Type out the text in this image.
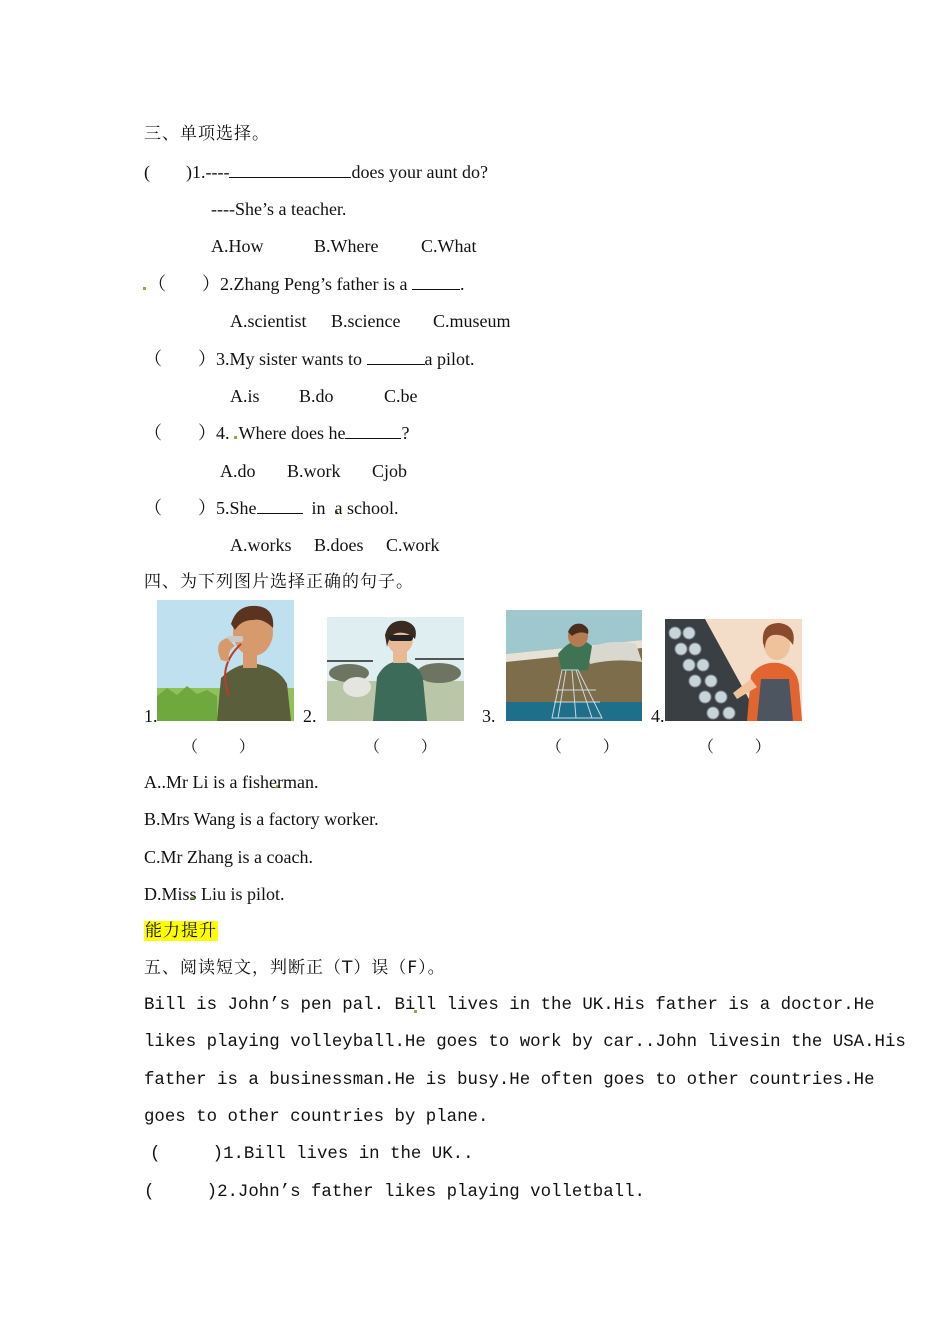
三、单项选择。
(        )1.----	does your aunt do?
----She’s a teacher.
A.How	B.Where C.What
（        ）2.Zhang Peng’s father is a	.
A.scientist B.science C.museum
（        ）3.My sister wants to	a pilot.
A.is B.do	C.be
（        ）4.  Where does he	?
A.do B.work Cjob
（        ）5.She	in  a school.
A.works B.does C.work
四、为下列图片选择正确的句子。
1.
（        ）
2.
（        ）
3.
（        ）
4.
（        ）
A..Mr Li is a fisherman.
B.Mrs Wang is a factory worker.
C.Mr Zhang is a coach.
D.Miss Liu is pilot.
能力提升
五、阅读短文，判断正（T）误（F）。
Bill is John’s pen pal. Bill lives in the UK.His father is a doctor.He
likes playing volleyball.He goes to work by car..John livesin the USA.His
father is a businessman.He is busy.He often goes to other countries.He
goes to other countries by plane.
(     )1.Bill lives in the UK..
(     )2.John’s father likes playing volletball.
